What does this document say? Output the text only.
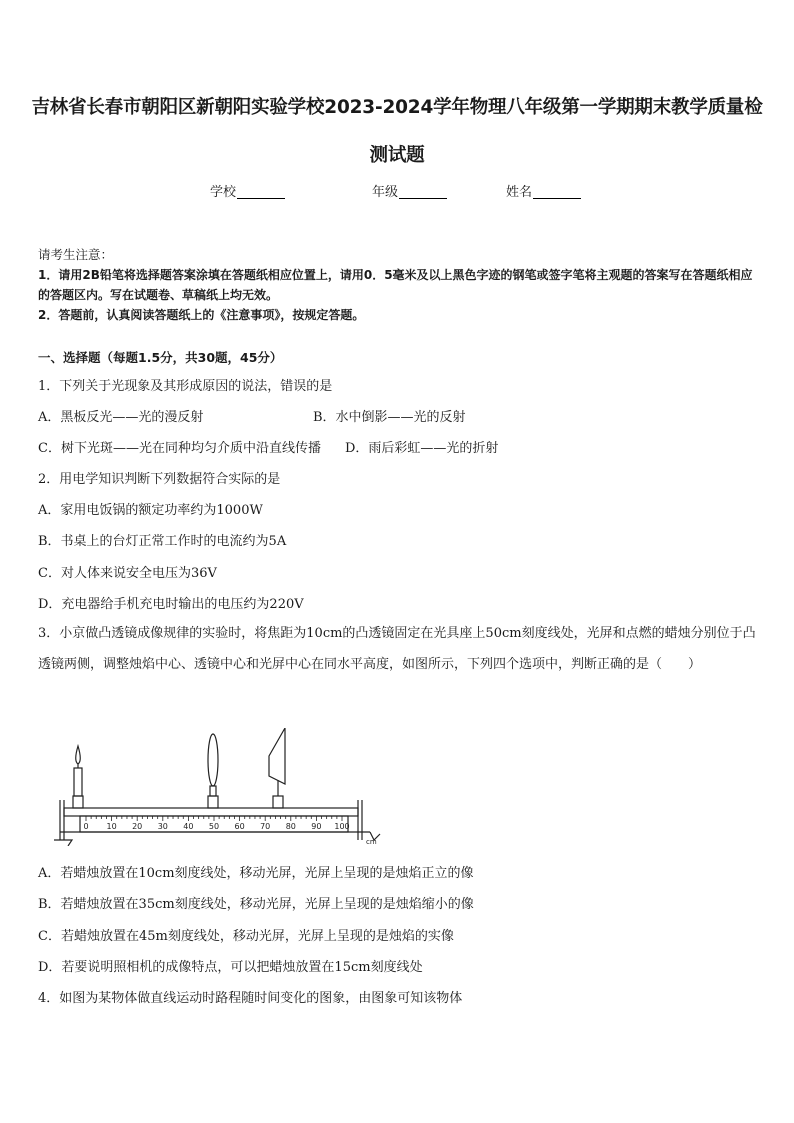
吉林省长春市朝阳区新朝阳实验学校2023-2024学年物理八年级第一学期期末教学质量检测试题
学校	年级	姓名
请考生注意：
1．请用2B铅笔将选择题答案涂填在答题纸相应位置上，请用0．5毫米及以上黑色字迹的钢笔或签字笔将主观题的答案写在答题纸相应的答题区内。写在试题卷、草稿纸上均无效。
2．答题前，认真阅读答题纸上的《注意事项》，按规定答题。
一、选择题（每题1.5分，共30题，45分）
1．下列关于光现象及其形成原因的说法，错误的是
A．黑板反光——光的漫反射	B．水中倒影——光的反射
C．树下光斑——光在同种均匀介质中沿直线传播 D．雨后彩虹——光的折射
2．用电学知识判断下列数据符合实际的是
A．家用电饭锅的额定功率约为1000W
B．书桌上的台灯正常工作时的电流约为5A
C．对人体来说安全电压为36V
D．充电器给手机充电时输出的电压约为220V
3．小京做凸透镜成像规律的实验时，将焦距为10cm的凸透镜固定在光具座上50cm刻度线处，光屏和点燃的蜡烛分别位于凸透镜两侧，调整烛焰中心、透镜中心和光屏中心在同水平高度，如图所示，下列四个选项中，判断正确的是（　　）
0 10 20 30 40 50 60 70 80 90 100
cm
A．若蜡烛放置在10cm刻度线处，移动光屏，光屏上呈现的是烛焰正立的像
B．若蜡烛放置在35cm刻度线处，移动光屏，光屏上呈现的是烛焰缩小的像
C．若蜡烛放置在45m刻度线处，移动光屏，光屏上呈现的是烛焰的实像
D．若要说明照相机的成像特点，可以把蜡烛放置在15cm刻度线处
4．如图为某物体做直线运动时路程随时间变化的图象，由图象可知该物体
